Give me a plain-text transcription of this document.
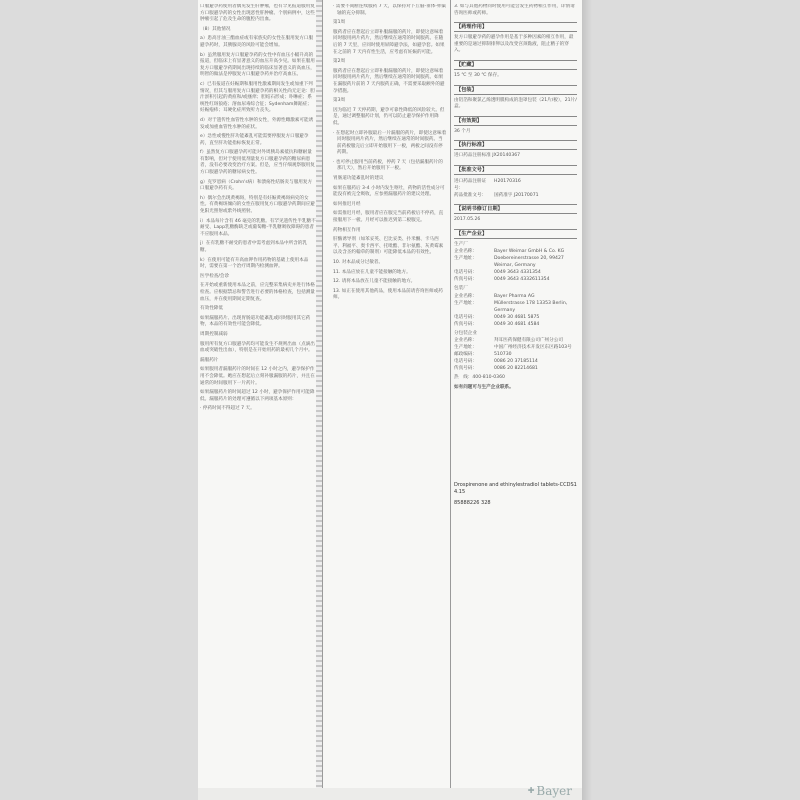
口服避孕药使用者偶见发生肝肿瘤，也有罕见报道服用复方口服避孕药的女性出现恶性肝肿瘤。个别病例中，这些肿瘤引起了危及生命的腹腔内出血。

（8）其他情况

a）患高甘油三酯血症或有家族史的女性在服用复方口服避孕药时，其胰腺炎的风险可能会增加。

b）虽然服用复方口服避孕药的女性中有血压小幅升高的报道，但临床上有显著意义的血压升高少见。如果在服用复方口服避孕药期间出现持续的临床显著意义的高血压，明智的做法是停服复方口服避孕药并治疗高血压。

c）已有报道在妊娠期和服用性激素期间发生或加重下列情况，但其与服用复方口服避孕药的相关性尚无定论：胆汁淤积引起的黄疸和/或瘙痒；胆结石形成；卟啉症；系统性红斑狼疮；溶血尿毒综合征；Sydenham舞蹈症；妊娠疱疹；耳硬化症所致听力丧失。

d）对于遗传性血管性水肿的女性，外源性雌激素可能诱发或加重血管性水肿的症状。

e）急性或慢性肝功能紊乱可能需要停服复方口服避孕药，直至肝功能指标恢复正常。

f）虽然复方口服避孕药可能对外周胰岛素抵抗和糖耐量有影响，但对于使用低剂量复方口服避孕药的糖尿病患者，没有必要改变治疗方案。但是，应当仔细观察服用复方口服避孕药的糖尿病女性。

g）克罗恩病（Crohn's病）和溃疡性结肠炎与服用复方口服避孕药有关。

h）偶尔会出现黄褐斑，特别是有妊娠黄褐斑病史的女性。有黄褐斑倾向的女性在服用复方口服避孕药期间应避免阳光照射或紫外线照射。

i）本品每片含有 46 毫克的乳糖。有罕见遗传性半乳糖不耐受、Lapp乳糖酶缺乏或葡萄糖-半乳糖吸收障碍的患者不应服用本品。

j）在有乳糖不耐受的患者中需考虑到本品中所含的乳糖。

k）在使用可能有升高血钾作用药物的基础上使用本品时，需要在第一个治疗周期内检测血钾。

医学检查/会诊

在开始或重新使用本品之前，应完整采集病史并进行体格检查。应根据禁忌和警告进行必要的体格检查，包括测量血压，并在使用期间定期复查。

有效性降低

如果漏服药片、出现胃肠道功能紊乱或同时服用其它药物，本品的有效性可能会降低。

周期控制减弱

服用所有复方口服避孕药均可能发生不规则出血（点滴出血或突破性出血），特别是在开始用药的最初几个月中。

漏服药片

如果服用者漏服药片的时间在 12 小时之内，避孕保护作用不会降低。她应在想起后立刻补服漏服的药片，并且在通常的时间服用下一片药片。

如果漏服药片的时间超过 12 小时，避孕保护作用可能降低。漏服药片的处理可遵循以下两项基本原则：

· 停药时间不得超过 7 天。

· 需要不间断连续服药 7 天，以保持对下丘脑-垂体-卵巢轴的充分抑制。

第1周

服药者应在想起后立即补服漏服的药片，即使这意味着同时服用两片药片，然后继续在通常的时间服药。在随后的 7 天里，应同时使用屏障避孕法，如避孕套。如果在之前的 7 天内有性生活，应考虑有妊娠的可能。

第2周

服药者应在想起后立即补服漏服的药片，即使这意味着同时服用两片药片，然后继续在通常的时间服药。如果在漏服药片前的 7 天内服药正确，不需要采取额外的避孕措施。

第3周

因为临近 7 天停药期，避孕可靠性降低的风险较大。但是，通过调整服药计划，仍可以防止避孕保护作用降低。

· 在想起时立即补服最后一片漏服的药片，即使这意味着同时服用两片药片，然后继续在通常的时间服药。当前药板服完后立即开始服用下一板，两板之间没有停药期。

· 也可停止服用当前药板，停药 7 天（包括漏服药片的那几天），然后开始服用下一板。

胃肠道功能紊乱时的建议

如果在服药后 3-4 小时内发生呕吐，药物的活性成分可能没有被完全吸收，应参照漏服药片的建议处理。

如何推迟月经

如需推迟月经，服用者应在服完当前药板后不停药，直接服用下一板。月经可以推迟到第二板服完。

药物相互作用

肝酶诱导剂（如苯妥英、巴比妥类、扑米酮、卡马西平、利福平、奥卡西平、托吡酯、非尔氨酯、灰黄霉素以及含圣约翰草的制剂）可能降低本品的有效性。

10. 对本品成分过敏者。

11. 本品应放在儿童不能接触的地方。

12. 请将本品放在儿童不能接触的地方。

13. 如正在使用其他药品，使用本品前请咨询医师或药师。

3. 如与其他药物同时使用可能会发生药物相互作用，详情请咨询医师或药师。

【药理作用】

复方口服避孕药的避孕作用是基于多种因素的相互作用，最重要的是通过抑制排卵以及改变宫颈黏液，阻止精子的穿入。

【贮藏】

15 ℃ 至 30 ℃ 保存。

【包装】

由铝箔和聚氯乙烯透明膜构成的泡罩包装（21片/板），21片/盒。

【有效期】

36 个月

【执行标准】

进口药品注册标准 JX20140367

【批准文号】
进口药品注册证号：
H20170316
药品批准文号：	国药准字 J20170071
【说明书修订日期】

2017.05.26

【生产企业】

生产厂

企业名称：	Bayer Weimar GmbH & Co. KG
生产地址：	Doebereinerstrasse 20, 99427 Weimar, Germany
电话号码：	0049 3643 4331354
传真号码：	0049 3643 4332611354

包装厂

企业名称：	Bayer Pharma AG
生产地址：	Müllerstrasse 178 13353 Berlin, Germany
电话号码：	0049 30 4681 5875
传真号码：	0049 30 4681 4584

分包装企业

企业名称：	拜耳医药保健有限公司广州分公司
生产地址：	中国广州经济技术开发区东区路103号
邮政编码：	510730
电话号码：	0086 20 37185114
传真号码：	0086 20 82214681

热　线：400-810-0360

如有问题可与生产企业联系。

Drospirenone and ethinylestradiol tablets-CCDS14.15

85888226 328

✚ Bayer
